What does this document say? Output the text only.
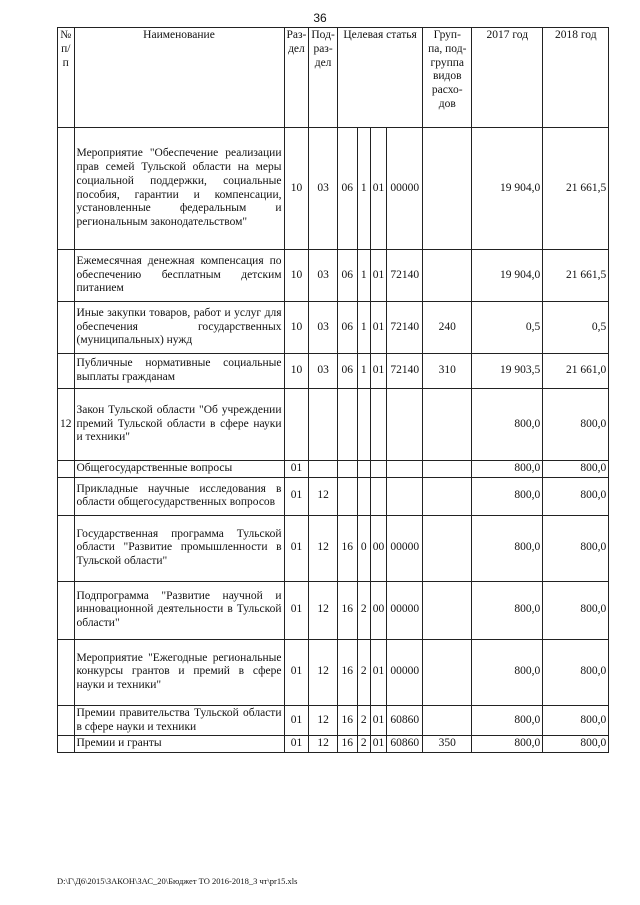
36
№ п/ п	Наименование	Раз- дел	Под- раз- дел	Целевая статья				Груп- па, под- группа видов расхо- дов	2017 год	2018 год
	Мероприятие "Обеспечение реализации прав семей Тульской области на меры социальной поддержки, социальные пособия, гарантии и компенсации, установленные федеральным и региональным законодательством"	10	03	06	1	01	00000		19 904,0	21 661,5
	Ежемесячная денежная компенсация по обеспечению бесплатным детским питанием	10	03	06	1	01	72140		19 904,0	21 661,5
	Иные закупки товаров, работ и услуг для обеспечения государственных (муниципальных) нужд	10	03	06	1	01	72140	240	0,5	0,5
	Публичные нормативные социальные выплаты гражданам	10	03	06	1	01	72140	310	19 903,5	21 661,0
12	Закон Тульской области "Об учреждении премий Тульской области в сфере науки и техники"								800,0	800,0
	Общегосударственные вопросы	01							800,0	800,0
	Прикладные научные исследования в области общегосударственных вопросов	01	12						800,0	800,0
	Государственная программа Тульской области "Развитие промышленности в Тульской области"	01	12	16	0	00	00000		800,0	800,0
	Подпрограмма "Развитие научной и инновационной деятельности в Тульской области"	01	12	16	2	00	00000		800,0	800,0
	Мероприятие "Ежегодные региональные конкурсы грантов и премий в сфере науки и техники"	01	12	16	2	01	00000		800,0	800,0
	Премии правительства Тульской области в сфере науки и техники	01	12	16	2	01	60860		800,0	800,0
	Премии и гранты	01	12	16	2	01	60860	350	800,0	800,0
D:\Г\Д6\2015\ЗАКОН\ЗАС_20\Бюджет ТО 2016-2018_3 чт\pr15.xls
